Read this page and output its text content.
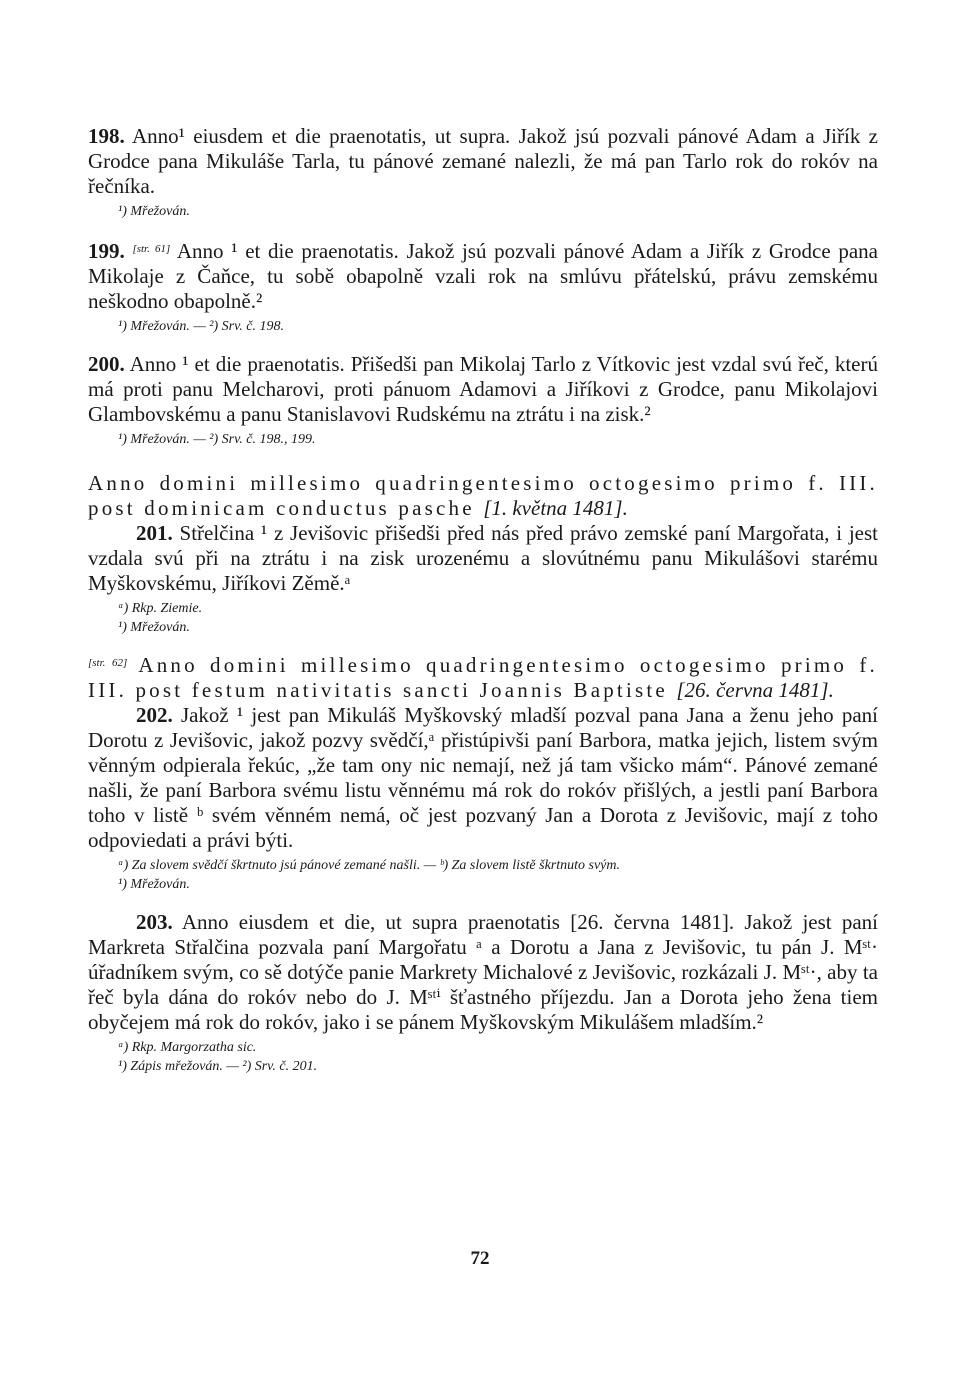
198. Anno¹ eiusdem et die praenotatis, ut supra. Jakož jsú pozvali pánové Adam a Jiřík z Grodce pana Mikuláše Tarla, tu pánové zemané nalezli, že má pan Tarlo rok do rokóv na řečníka.

¹) Mřežován.

199. [str. 61] Anno ¹ et die praenotatis. Jakož jsú pozvali pánové Adam a Jiřík z Grodce pana Mikolaje z Čaňce, tu sobě obapolně vzali rok na smlúvu přátelskú, právu zemskému neškodno obapolně.²

¹) Mřežován. — ²) Srv. č. 198.

200. Anno ¹ et die praenotatis. Přišedši pan Mikolaj Tarlo z Vítkovic jest vzdal svú řeč, kterú má proti panu Melcharovi, proti pánuom Adamovi a Jiříkovi z Grodce, panu Mikolajovi Glambovskému a panu Stanislavovi Rudskému na ztrátu i na zisk.²

¹) Mřežován. — ²) Srv. č. 198., 199.

Anno domini millesimo quadringentesimo octogesimo primo f. III. post dominicam conductus pasche [1. května 1481].

201. Střelčina ¹ z Jevišovic přišedši před nás před právo zemské paní Margořata, i jest vzdala svú při na ztrátu i na zisk urozenému a slovútnému panu Mikulášovi starému Myškovskému, Jiříkovi Zěmě.ᵃ

ᵃ) Rkp. Ziemie.
¹) Mřežován.

[str. 62] Anno domini millesimo quadringentesimo octogesimo primo f. III. post festum nativitatis sancti Joannis Baptiste [26. června 1481].

202. Jakož ¹ jest pan Mikuláš Myškovský mladší pozval pana Jana a ženu jeho paní Dorotu z Jevišovic, jakož pozvy svědčí,ᵃ přistúpivši paní Barbora, matka jejich, listem svým věnným odpierala řekúc, „že tam ony nic nemají, než já tam všicko mám“. Pánové zemané našli, že paní Barbora svému listu věnnému má rok do rokóv přišlých, a jestli paní Barbora toho v listě ᵇ svém věnném nemá, oč jest pozvaný Jan a Dorota z Jevišovic, mají z toho odpoviedati a právi býti.

ᵃ) Za slovem svědčí škrtnuto jsú pánové zemané našli. — ᵇ) Za slovem listě škrtnuto svým.
¹) Mřežován.

203. Anno eiusdem et die, ut supra praenotatis [26. června 1481]. Jakož jest paní Markreta Střalčina pozvala paní Margořatu ᵃ a Dorotu a Jana z Jevišovic, tu pán J. Mˢᵗ· úřadníkem svým, co sě dotýče panie Markrety Michalové z Jevišovic, rozkázali J. Mˢᵗ·, aby ta řeč byla dána do rokóv nebo do J. Mˢᵗⁱ šťastného příjezdu. Jan a Dorota jeho žena tiem obyčejem má rok do rokóv, jako i se pánem Myškovským Mikulášem mladším.²

ᵃ) Rkp. Margorzatha sic.
¹) Zápis mřežován. — ²) Srv. č. 201.
72
